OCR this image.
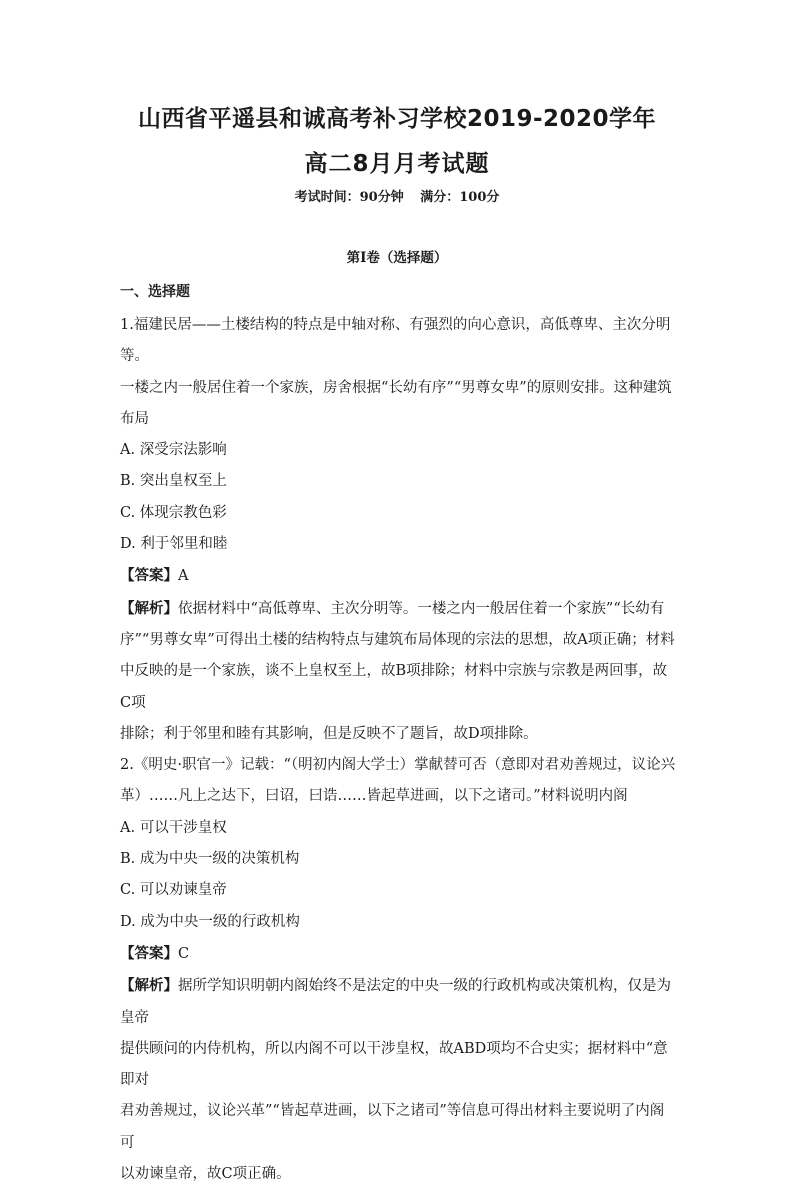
山西省平遥县和诚高考补习学校2019-2020学年
高二8月月考试题
考试时间：90分钟 满分：100分
第Ⅰ卷（选择题）
一、选择题

1.福建民居——土楼结构的特点是中轴对称、有强烈的向心意识，高低尊卑、主次分明等。

一楼之内一般居住着一个家族，房舍根据“长幼有序”“男尊女卑”的原则安排。这种建筑

布局

A. 深受宗法影响

B. 突出皇权至上

C. 体现宗教色彩

D. 利于邻里和睦

【答案】A

【解析】依据材料中“高低尊卑、主次分明等。一楼之内一般居住着一个家族”“长幼有

序”“男尊女卑”可得出土楼的结构特点与建筑布局体现的宗法的思想，故A项正确；材料

中反映的是一个家族，谈不上皇权至上，故B项排除；材料中宗族与宗教是两回事，故C项

排除；利于邻里和睦有其影响，但是反映不了题旨，故D项排除。

2.《明史·职官一》记载：“（明初内阁大学士）掌献替可否（意即对君劝善规过，议论兴

革）……凡上之达下，曰诏，曰诰……皆起草进画，以下之诸司。”材料说明内阁

A. 可以干涉皇权

B. 成为中央一级的决策机构

C. 可以劝谏皇帝

D. 成为中央一级的行政机构

【答案】C

【解析】据所学知识明朝内阁始终不是法定的中央一级的行政机构或决策机构，仅是为皇帝

提供顾问的内侍机构，所以内阁不可以干涉皇权，故ABD项均不合史实；据材料中“意即对

君劝善规过，议论兴革”“皆起草进画，以下之诸司”等信息可得出材料主要说明了内阁可

以劝谏皇帝，故C项正确。
